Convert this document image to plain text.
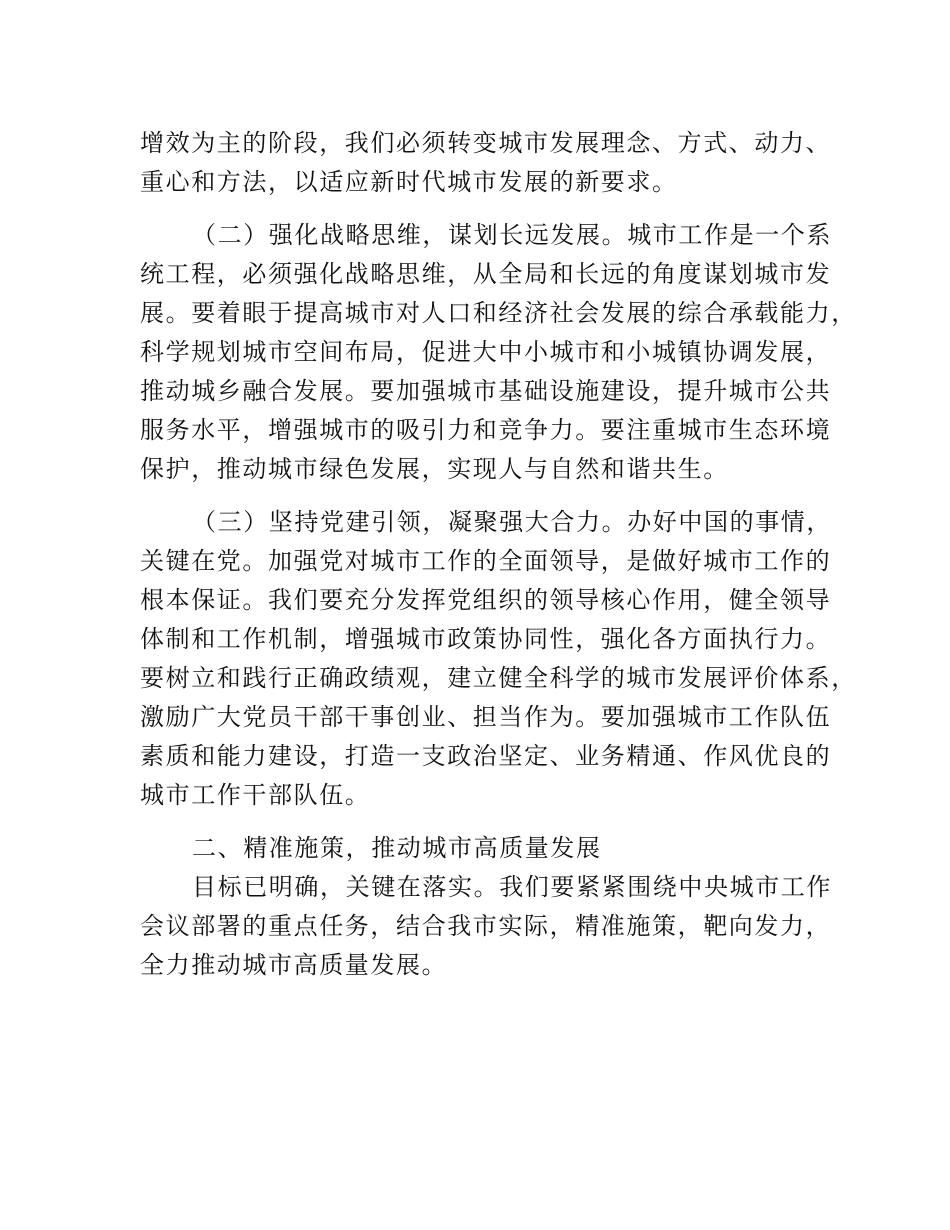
增效为主的阶段，我们必须转变城市发展理念、方式、动力、
重心和方法，以适应新时代城市发展的新要求。
（二）强化战略思维，谋划长远发展。城市工作是一个系
统工程，必须强化战略思维，从全局和长远的角度谋划城市发
展。要着眼于提高城市对人口和经济社会发展的综合承载能力，
科学规划城市空间布局，促进大中小城市和小城镇协调发展，
推动城乡融合发展。要加强城市基础设施建设，提升城市公共
服务水平，增强城市的吸引力和竞争力。要注重城市生态环境
保护，推动城市绿色发展，实现人与自然和谐共生。
（三）坚持党建引领，凝聚强大合力。办好中国的事情，
关键在党。加强党对城市工作的全面领导，是做好城市工作的
根本保证。我们要充分发挥党组织的领导核心作用，健全领导
体制和工作机制，增强城市政策协同性，强化各方面执行力。
要树立和践行正确政绩观，建立健全科学的城市发展评价体系，
激励广大党员干部干事创业、担当作为。要加强城市工作队伍
素质和能力建设，打造一支政治坚定、业务精通、作风优良的
城市工作干部队伍。
二、精准施策，推动城市高质量发展
目标已明确，关键在落实。我们要紧紧围绕中央城市工作
会议部署的重点任务，结合我市实际，精准施策，靶向发力，
全力推动城市高质量发展。
